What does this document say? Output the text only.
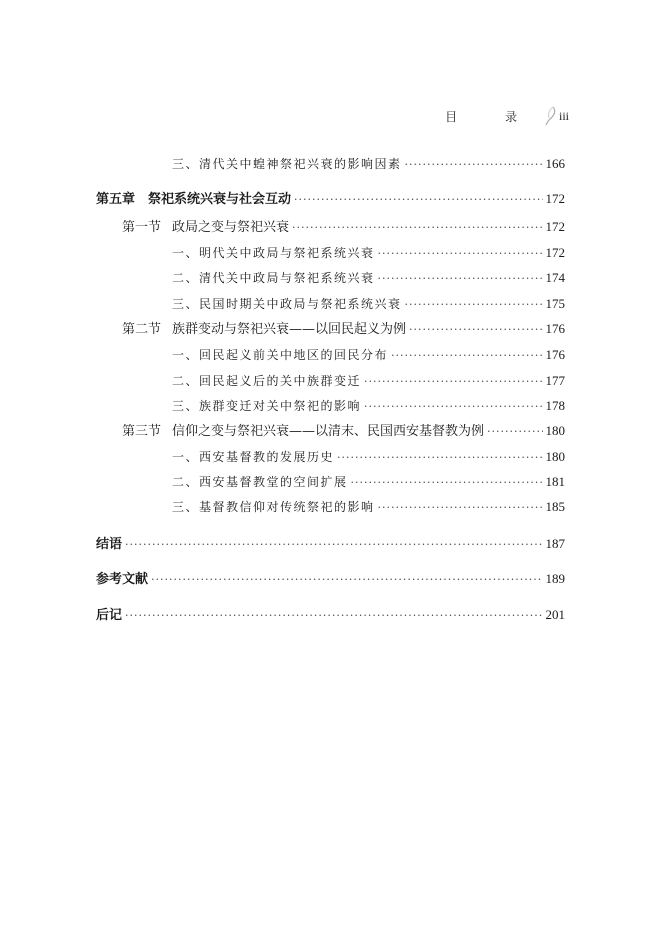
目 录 iii
三、清代关中蝗神祭祀兴衰的影响因素 ·····	166
第五章　祭祀系统兴衰与社会互动 ·····	172
第一节 政局之变与祭祀兴衰 ·····	172
一、明代关中政局与祭祀系统兴衰 ·····	172
二、清代关中政局与祭祀系统兴衰 ·····	174
三、民国时期关中政局与祭祀系统兴衰 ·····	175
第二节 族群变动与祭祀兴衰——以回民起义为例 ·····	176
一、回民起义前关中地区的回民分布 ·····	176
二、回民起义后的关中族群变迁 ·····	177
三、族群变迁对关中祭祀的影响 ·····	178
第三节 信仰之变与祭祀兴衰——以清末、民国西安基督教为例 ·····	180
一、西安基督教的发展历史 ·····	180
二、西安基督教堂的空间扩展 ·····	181
三、基督教信仰对传统祭祀的影响 ·····	185
结语 ·····	187
参考文献 ·····	189
后记 ·····	201
